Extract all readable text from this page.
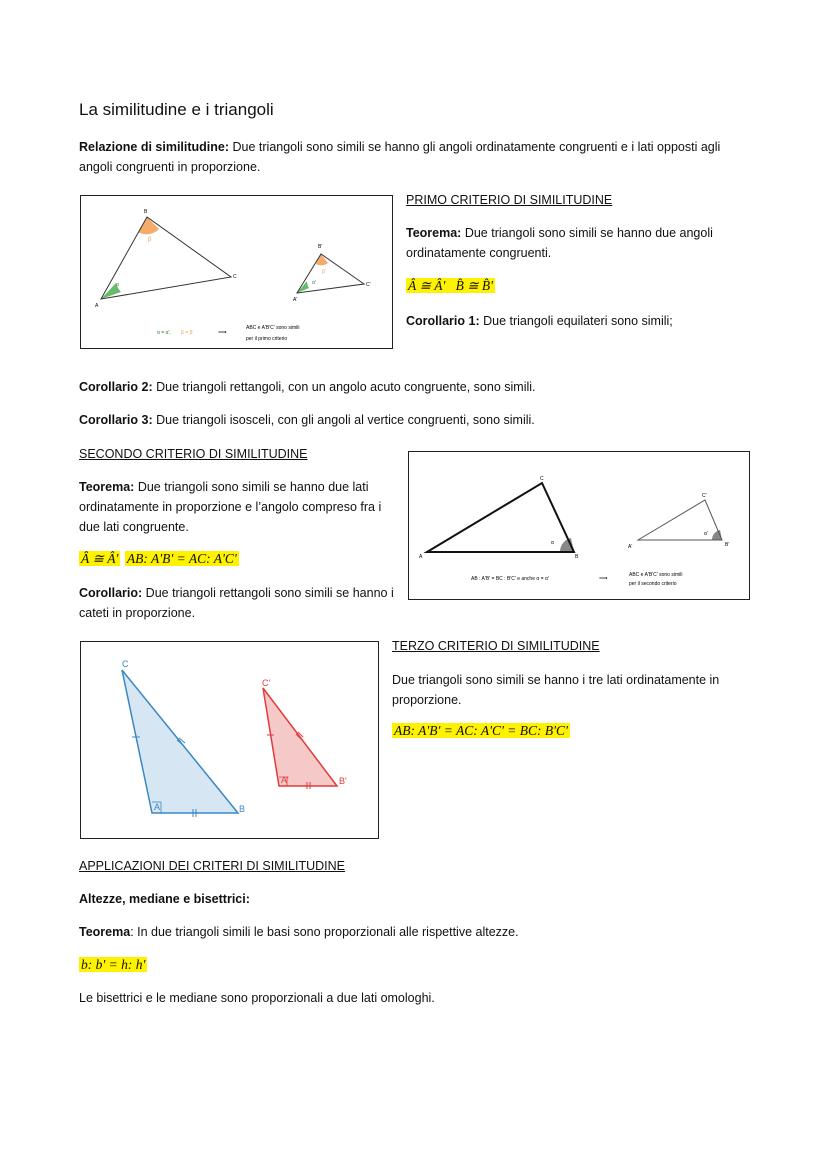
La similitudine e i triangoli
Relazione di similitudine: Due triangoli sono simili se hanno gli angoli ordinatamente congruenti e i lati opposti agli angoli congruenti in proporzione.
A
B
C
α
β
A'
B'
C'
α'
β'
α = α', β = β'	⟹
ABC e A'B'C' sono simili
per il primo criterio
PRIMO CRITERIO DI SIMILITUDINE
Teorema: Due triangoli sono simili se hanno due angoli ordinatamente congruenti.
Â ≅ Â'   B̂ ≅ B̂'
Corollario 1: Due triangoli equilateri sono simili;
Corollario 2: Due triangoli rettangoli, con un angolo acuto congruente, sono simili.
Corollario 3: Due triangoli isosceli, con gli angoli al vertice congruenti, sono simili.
SECONDO CRITERIO DI SIMILITUDINE
Teorema: Due triangoli sono simili se hanno due lati ordinatamente in proporzione e l’angolo compreso fra i due lati congruente.
Â ≅ Â' AB: A'B' = AC: A'C'
Corollario: Due triangoli rettangoli sono simili se hanno i cateti in proporzione.
A
C
B
α
A'
C'
B'
α'
AB : A'B' = BC : B'C' e anche α = α'	⟹
ABC e A'B'C' sono simili
per il secondo criterio
C
A	B
C'
A'	B'
TERZO CRITERIO DI SIMILITUDINE
Due triangoli sono simili se hanno i tre lati ordinatamente in proporzione.
AB: A'B' = AC: A'C' = BC: B'C'
APPLICAZIONI DEI CRITERI DI SIMILITUDINE
Altezze, mediane e bisettrici:
Teorema: In due triangoli simili le basi sono proporzionali alle rispettive altezze.
b: b' = h: h'
Le bisettrici e le mediane sono proporzionali a due lati omologhi.
